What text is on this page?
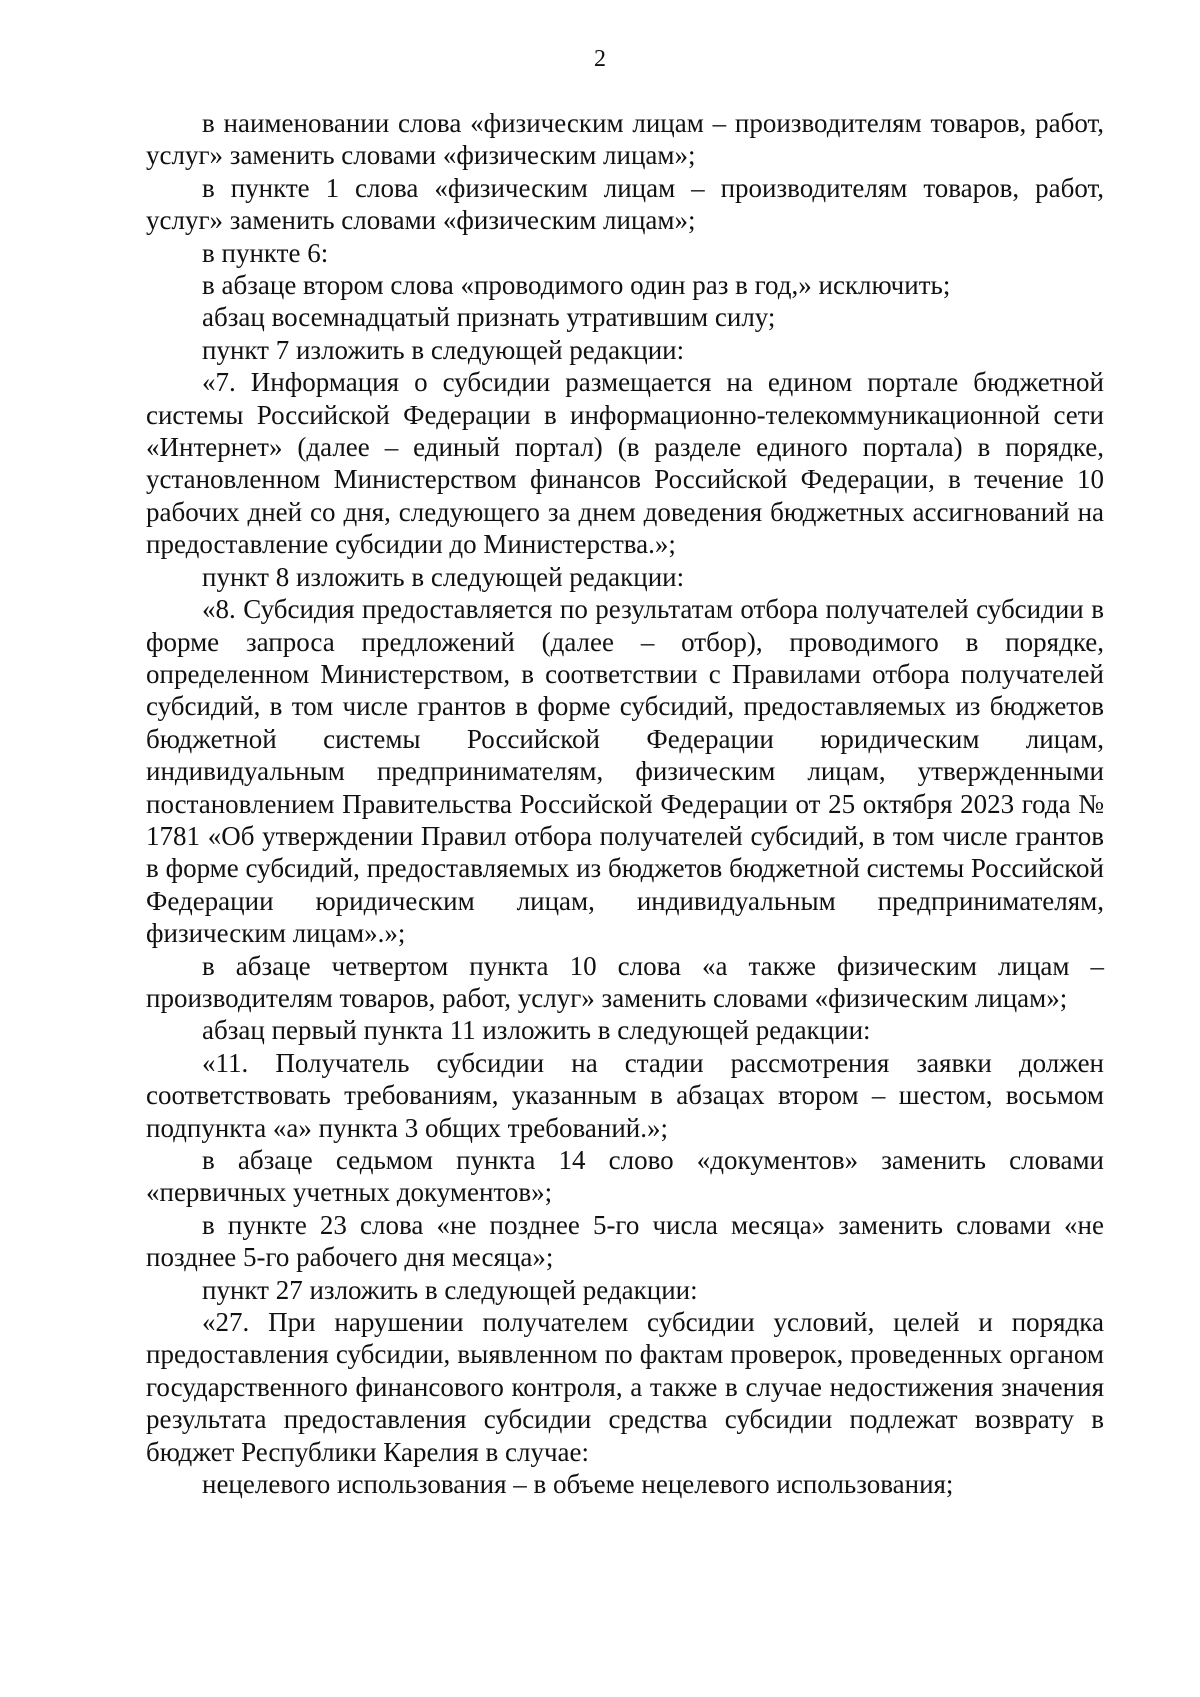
2

в наименовании слова «физическим лицам – производителям товаров, работ, услуг» заменить словами «физическим лицам»;

в пункте 1 слова «физическим лицам – производителям товаров, работ, услуг» заменить словами «физическим лицам»;

в пункте 6:

в абзаце втором слова «проводимого один раз в год,» исключить;

абзац восемнадцатый признать утратившим силу;

пункт 7 изложить в следующей редакции:

«7. Информация о субсидии размещается на едином портале бюджетной системы Российской Федерации в информационно-телекоммуникационной сети «Интернет» (далее – единый портал) (в разделе единого портала) в порядке, установленном Министерством финансов Российской Федерации, в течение 10 рабочих дней со дня, следующего за днем доведения бюджетных ассигнований на предоставление субсидии до Министерства.»;

пункт 8 изложить в следующей редакции:

«8. Субсидия предоставляется по результатам отбора получателей субсидии в форме запроса предложений (далее – отбор), проводимого в порядке, определенном Министерством, в соответствии с Правилами отбора получателей субсидий, в том числе грантов в форме субсидий, предоставляемых из бюджетов бюджетной системы Российской Федерации юридическим лицам, индивидуальным предпринимателям, физическим лицам, утвержденными постановлением Правительства Российской Федерации от 25 октября 2023 года № 1781 «Об утверждении Правил отбора получателей субсидий, в том числе грантов в форме субсидий, предоставляемых из бюджетов бюджетной системы Российской Федерации юридическим лицам, индивидуальным предпринимателям, физическим лицам».»;

в абзаце четвертом пункта 10 слова «а также физическим лицам – производителям товаров, работ, услуг» заменить словами «физическим лицам»;

абзац первый пункта 11 изложить в следующей редакции:

«11. Получатель субсидии на стадии рассмотрения заявки должен соответствовать требованиям, указанным в абзацах втором – шестом, восьмом подпункта «а» пункта 3 общих требований.»;

в абзаце седьмом пункта 14 слово «документов» заменить словами «первичных учетных документов»;

в пункте 23 слова «не позднее 5-го числа месяца» заменить словами «не позднее 5-го рабочего дня месяца»;

пункт 27 изложить в следующей редакции:

«27. При нарушении получателем субсидии условий, целей и порядка предоставления субсидии, выявленном по фактам проверок, проведенных органом государственного финансового контроля, а также в случае недостижения значения результата предоставления субсидии средства субсидии подлежат возврату в бюджет Республики Карелия в случае:

нецелевого использования – в объеме нецелевого использования;
